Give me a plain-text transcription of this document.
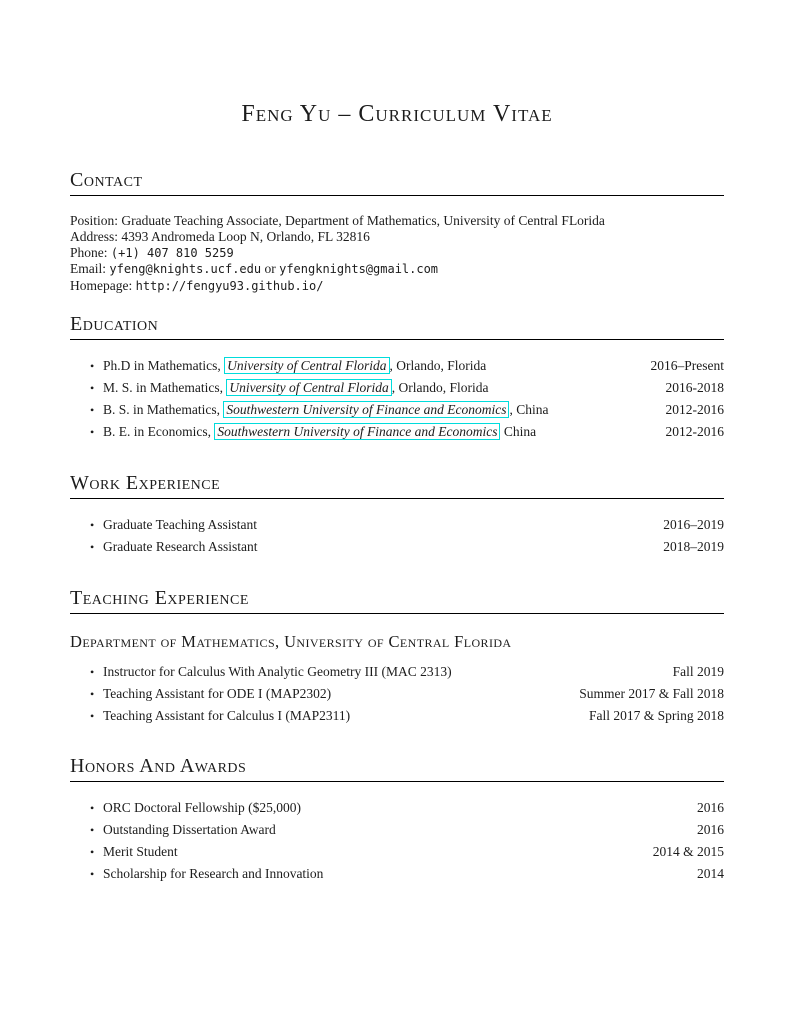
Feng Yu – Curriculum Vitae
Contact
Position: Graduate Teaching Associate, Department of Mathematics, University of Central FLorida
Address: 4393 Andromeda Loop N, Orlando, FL 32816
Phone: (+1) 407 810 5259
Email: yfeng@knights.ucf.edu or yfengknights@gmail.com
Homepage: http://fengyu93.github.io/
Education
• Ph.D in Mathematics, University of Central Florida , Orlando, Florida	2016–Present
• M. S. in Mathematics, University of Central Florida , Orlando, Florida	2016-2018
• B. S. in Mathematics, Southwestern University of Finance and Economics , China	2012-2016
• B. E. in Economics, Southwestern University of Finance and Economics China	2012-2016
Work Experience
• Graduate Teaching Assistant	2016–2019
• Graduate Research Assistant	2018–2019
Teaching Experience
Department of Mathematics, University of Central Florida
• Instructor for Calculus With Analytic Geometry III (MAC 2313)	Fall 2019
• Teaching Assistant for ODE I (MAP2302)	Summer 2017 & Fall 2018
• Teaching Assistant for Calculus I (MAP2311)	Fall 2017 & Spring 2018
Honors And Awards
• ORC Doctoral Fellowship ($25,000)	2016
• Outstanding Dissertation Award	2016
• Merit Student	2014 & 2015
• Scholarship for Research and Innovation	2014
